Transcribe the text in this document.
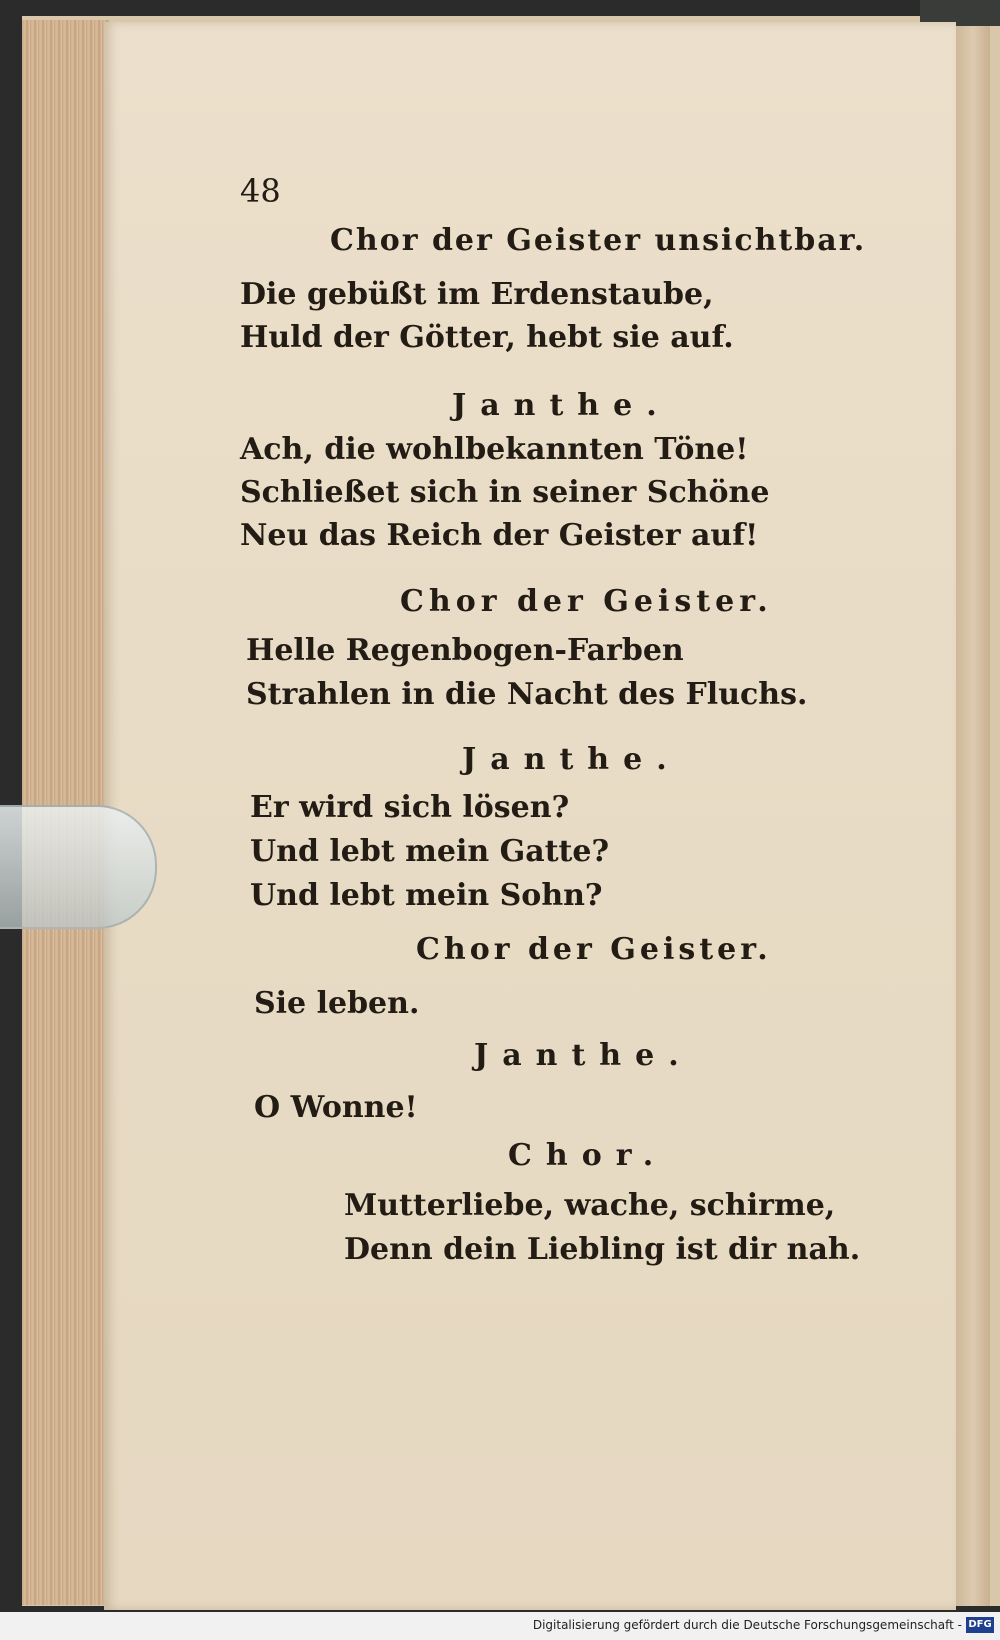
48
Chor der Geister unsichtbar.
Die gebüßt im Erdenstaube,
Huld der Götter, hebt sie auf.
Janthe.
Ach, die wohlbekannten Töne!
Schließet sich in seiner Schöne
Neu das Reich der Geister auf!
Chor der Geister.
Helle Regenbogen-Farben
Strahlen in die Nacht des Fluchs.
Janthe.
Er wird sich lösen?
Und lebt mein Gatte?
Und lebt mein Sohn?
Chor der Geister.
Sie leben.
Janthe.
O Wonne!
Chor.
Mutterliebe, wache, schirme,
Denn dein Liebling ist dir nah.
Digitalisierung gefördert durch die Deutsche Forschungsgemeinschaft - DFG
